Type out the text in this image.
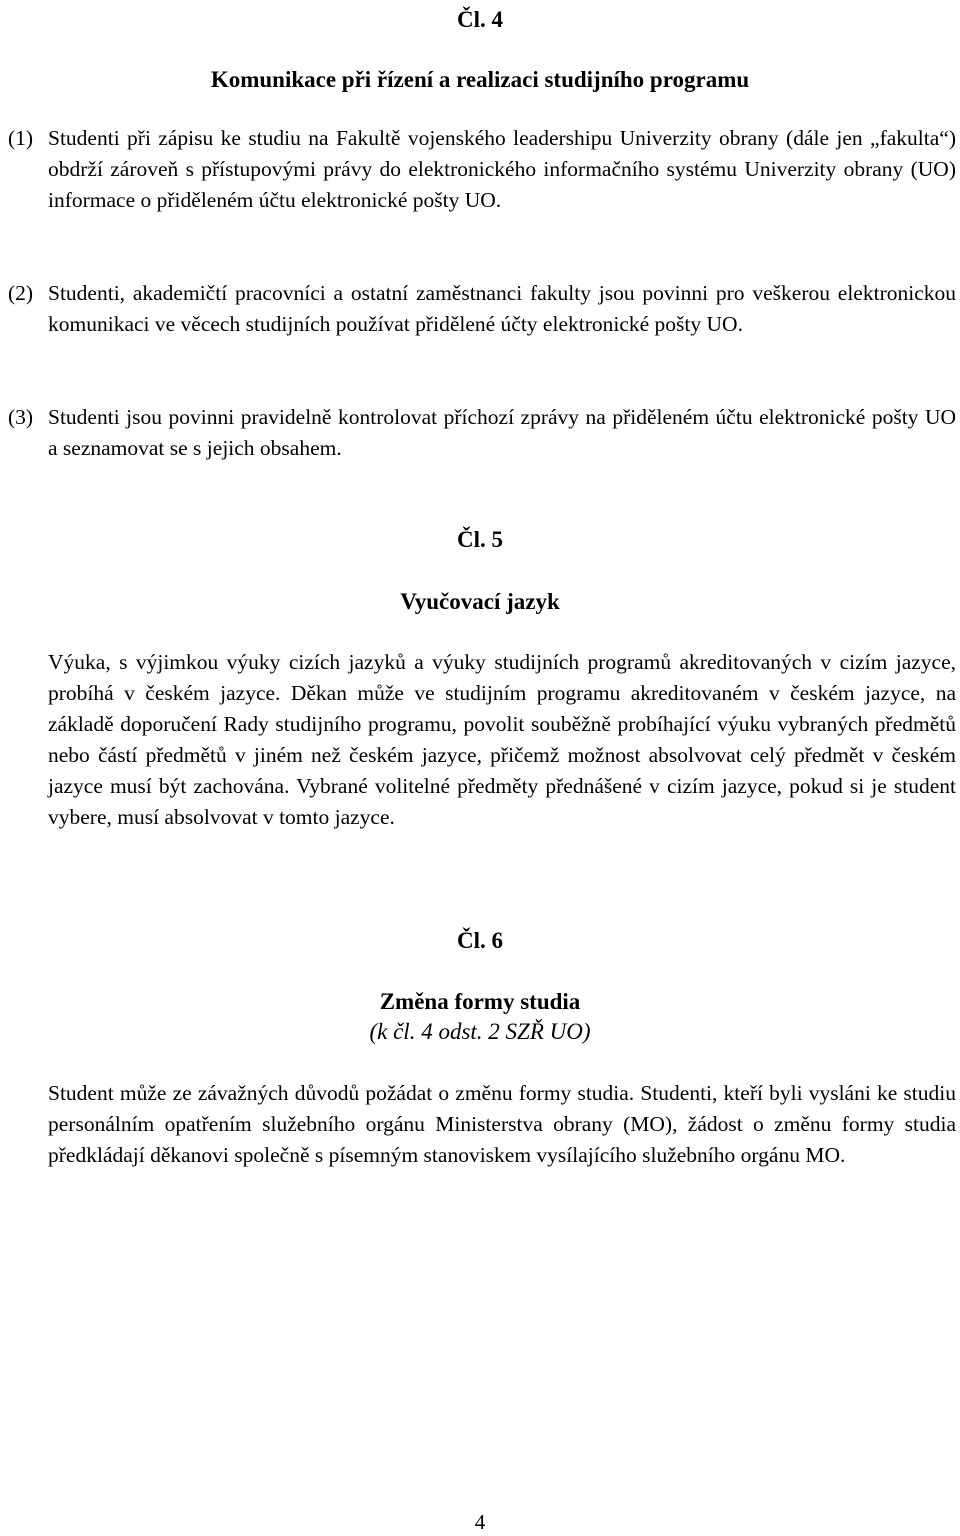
Čl. 4
Komunikace při řízení a realizaci studijního programu

(1) Studenti při zápisu ke studiu na Fakultě vojenského leadershipu Univerzity obrany (dále jen „fakulta“) obdrží zároveň s přístupovými právy do elektronického informačního systému Univerzity obrany (UO) informace o přiděleném účtu elektronické pošty UO.

(2) Studenti, akademičtí pracovníci a ostatní zaměstnanci fakulty jsou povinni pro veškerou elektronickou komunikaci ve věcech studijních používat přidělené účty elektronické pošty UO.

(3) Studenti jsou povinni pravidelně kontrolovat příchozí zprávy na přiděleném účtu elektronické pošty UO a seznamovat se s jejich obsahem.

Čl. 5
Vyučovací jazyk

Výuka, s výjimkou výuky cizích jazyků a výuky studijních programů akreditovaných v cizím jazyce, probíhá v českém jazyce. Děkan může ve studijním programu akreditovaném v českém jazyce, na základě doporučení Rady studijního programu, povolit souběžně probíhající výuku vybraných předmětů nebo částí předmětů v jiném než českém jazyce, přičemž možnost absolvovat celý předmět v českém jazyce musí být zachována. Vybrané volitelné předměty přednášené v cizím jazyce, pokud si je student vybere, musí absolvovat v tomto jazyce.

Čl. 6
Změna formy studia

(k čl. 4 odst. 2 SZŘ UO)

Student může ze závažných důvodů požádat o změnu formy studia. Studenti, kteří byli vysláni ke studiu personálním opatřením služebního orgánu Ministerstva obrany (MO), žádost o změnu formy studia předkládají děkanovi společně s písemným stanoviskem vysílajícího služebního orgánu MO.

4
